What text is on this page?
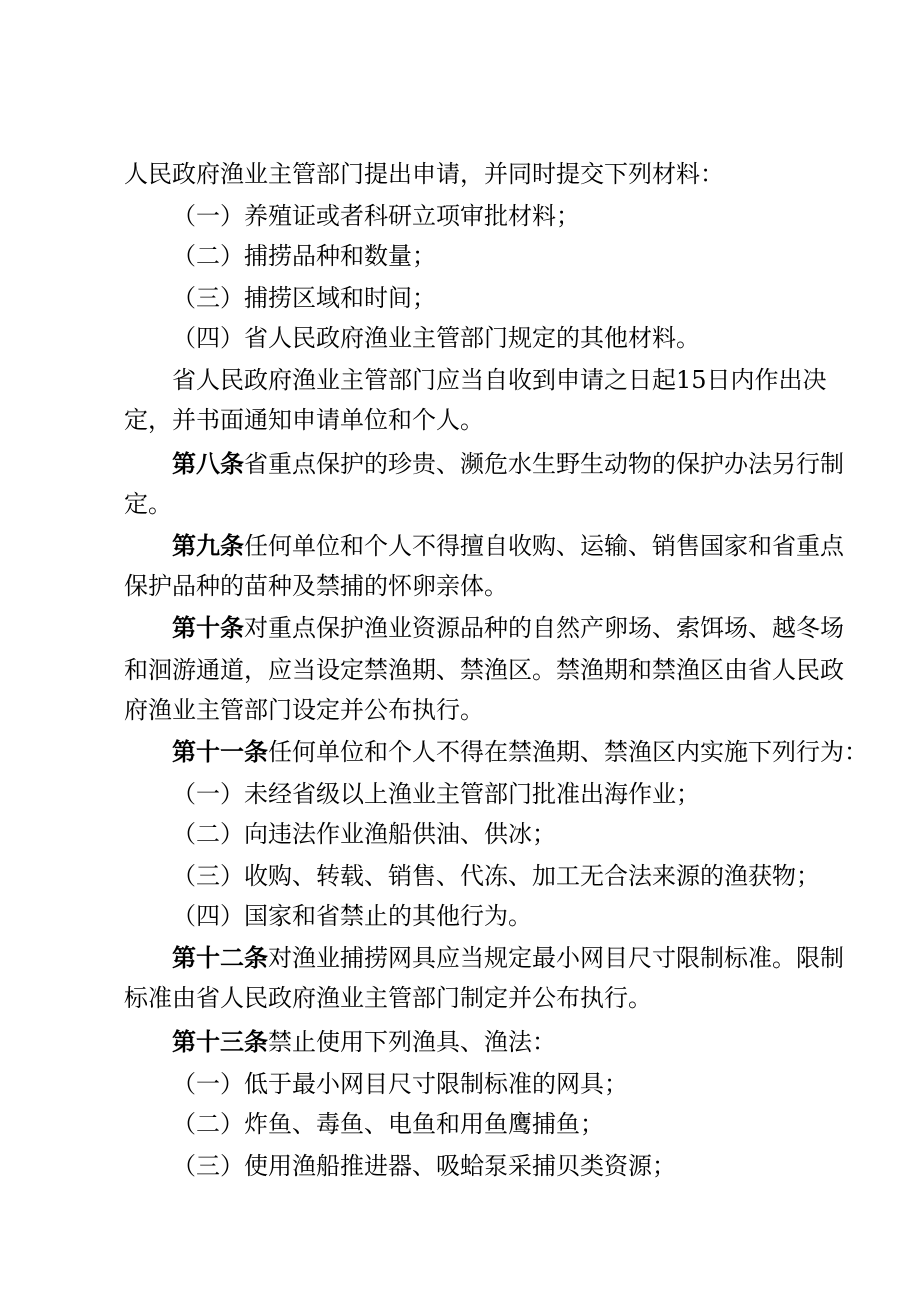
人民政府渔业主管部门提出申请，并同时提交下列材料：
（一）养殖证或者科研立项审批材料；
（二）捕捞品种和数量；
（三）捕捞区域和时间；
（四）省人民政府渔业主管部门规定的其他材料。
省人民政府渔业主管部门应当自收到申请之日起15日内作出决
定，并书面通知申请单位和个人。
第八条省重点保护的珍贵、濒危水生野生动物的保护办法另行制
定。
第九条任何单位和个人不得擅自收购、运输、销售国家和省重点
保护品种的苗种及禁捕的怀卵亲体。
第十条对重点保护渔业资源品种的自然产卵场、索饵场、越冬场
和洄游通道，应当设定禁渔期、禁渔区。禁渔期和禁渔区由省人民政
府渔业主管部门设定并公布执行。
第十一条任何单位和个人不得在禁渔期、禁渔区内实施下列行为：
（一）未经省级以上渔业主管部门批准出海作业；
（二）向违法作业渔船供油、供冰；
（三）收购、转载、销售、代冻、加工无合法来源的渔获物；
（四）国家和省禁止的其他行为。
第十二条对渔业捕捞网具应当规定最小网目尺寸限制标准。限制
标准由省人民政府渔业主管部门制定并公布执行。
第十三条禁止使用下列渔具、渔法：
（一）低于最小网目尺寸限制标准的网具；
（二）炸鱼、毒鱼、电鱼和用鱼鹰捕鱼；
（三）使用渔船推进器、吸蛤泵采捕贝类资源；
